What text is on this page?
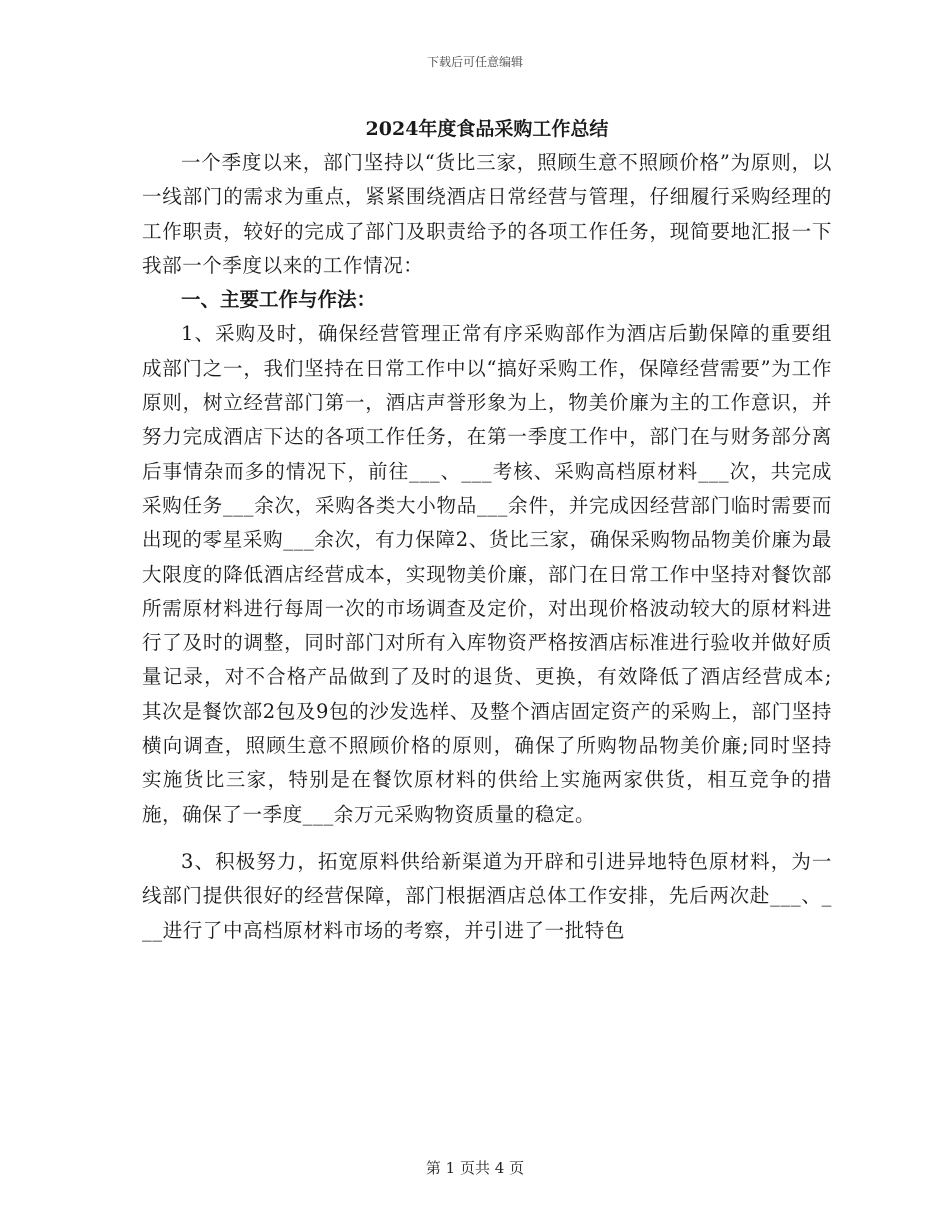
下载后可任意编辑
2024年度食品采购工作总结

一个季度以来，部门坚持以“货比三家，照顾生意不照顾价格”为原则，以一线部门的需求为重点，紧紧围绕酒店日常经营与管理，仔细履行采购经理的工作职责，较好的完成了部门及职责给予的各项工作任务，现简要地汇报一下我部一个季度以来的工作情况：

一、主要工作与作法：

1、采购及时，确保经营管理正常有序采购部作为酒店后勤保障的重要组成部门之一，我们坚持在日常工作中以“搞好采购工作，保障经营需要”为工作原则，树立经营部门第一，酒店声誉形象为上，物美价廉为主的工作意识，并努力完成酒店下达的各项工作任务，在第一季度工作中，部门在与财务部分离后事情杂而多的情况下，前往___、___考核、采购高档原材料___次，共完成采购任务___余次，采购各类大小物品___余件，并完成因经营部门临时需要而出现的零星采购___余次，有力保障2、货比三家，确保采购物品物美价廉为最大限度的降低酒店经营成本，实现物美价廉，部门在日常工作中坚持对餐饮部所需原材料进行每周一次的市场调查及定价，对出现价格波动较大的原材料进行了及时的调整，同时部门对所有入库物资严格按酒店标准进行验收并做好质量记录，对不合格产品做到了及时的退货、更换，有效降低了酒店经营成本;其次是餐饮部2包及9包的沙发选样、及整个酒店固定资产的采购上，部门坚持横向调查，照顾生意不照顾价格的原则，确保了所购物品物美价廉;同时坚持实施货比三家，特别是在餐饮原材料的供给上实施两家供货，相互竞争的措施，确保了一季度___余万元采购物资质量的稳定。

3、积极努力，拓宽原料供给新渠道为开辟和引进异地特色原材料，为一线部门提供很好的经营保障，部门根据酒店总体工作安排，先后两次赴___、___进行了中高档原材料市场的考察，并引进了一批特色

第 1 页共 4 页
